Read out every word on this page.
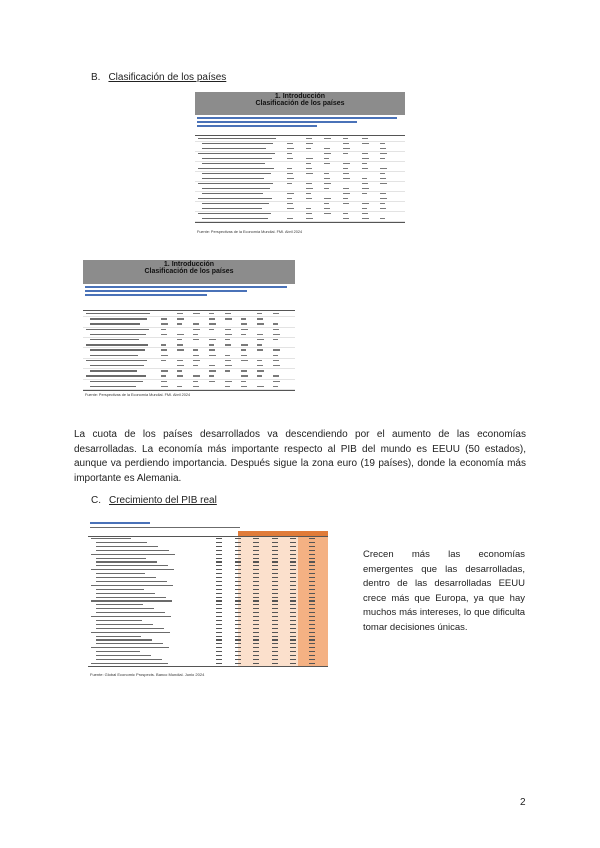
B. Clasificación de los países
1. Introducción
Clasificación de los países
Fuente: Perspectivas de la Economía Mundial. FMI. Abril 2024
1. Introducción
Clasificación de los países
Fuente: Perspectivas de la Economía Mundial. FMI. Abril 2024
La cuota de los países desarrollados va descendiendo por el aumento de las economías desarrolladas. La economía más importante respecto al PIB del mundo es EEUU (50 estados), aunque va perdiendo importancia. Después sigue la zona euro (19 países), donde la economía más importante es Alemania.
C. Crecimiento del PIB real
Fuente: Global Economic Prospects. Banco Mundial. Junio 2024
Crecen más las economías emergentes que las desarrolladas, dentro de las desarrolladas EEUU crece más que Europa, ya que hay muchos más intereses, lo que dificulta tomar decisiones únicas.
2
